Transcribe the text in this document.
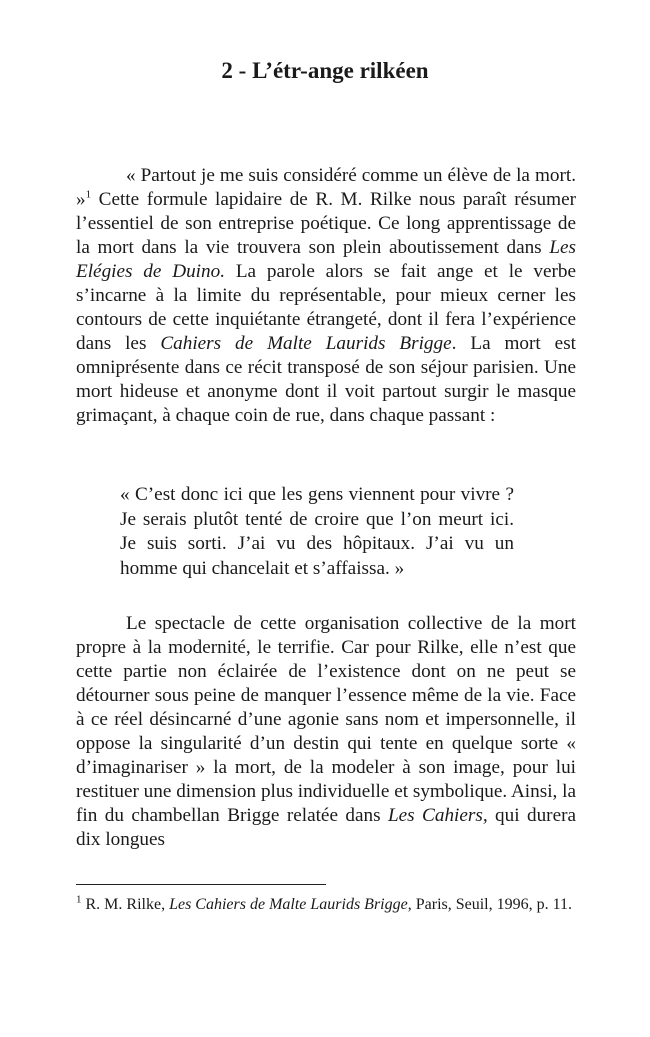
2 - L’étr-ange rilkéen

« Partout je me suis considéré comme un élève de la mort. »$^1$ Cette formule lapidaire de R. M. Rilke nous paraît résumer l’essentiel de son entreprise poétique. Ce long apprentissage de la mort dans la vie trouvera son plein aboutissement dans Les Elégies de Duino. La parole alors se fait ange et le verbe s’incarne à la limite du représentable, pour mieux cerner les contours de cette inquiétante étrangeté, dont il fera l’expérience dans les Cahiers de Malte Laurids Brigge. La mort est omniprésente dans ce récit transposé de son séjour parisien. Une mort hideuse et anonyme dont il voit partout surgir le masque grimaçant, à chaque coin de rue, dans chaque passant :

« C’est donc ici que les gens viennent pour vivre ? Je serais plutôt tenté de croire que l’on meurt ici. Je suis sorti. J’ai vu des hôpitaux. J’ai vu un homme qui chancelait et s’affaissa. »

Le spectacle de cette organisation collective de la mort propre à la modernité, le terrifie. Car pour Rilke, elle n’est que cette partie non éclairée de l’existence dont on ne peut se détourner sous peine de manquer l’essence même de la vie. Face à ce réel désincarné d’une agonie sans nom et impersonnelle, il oppose la singularité d’un destin qui tente en quelque sorte « d’imaginariser » la mort, de la modeler à son image, pour lui restituer une dimension plus individuelle et symbolique. Ainsi, la fin du chambellan Brigge relatée dans Les Cahiers, qui durera dix longues

$^1$ R. M. Rilke, Les Cahiers de Malte Laurids Brigge, Paris, Seuil, 1996, p. 11.
